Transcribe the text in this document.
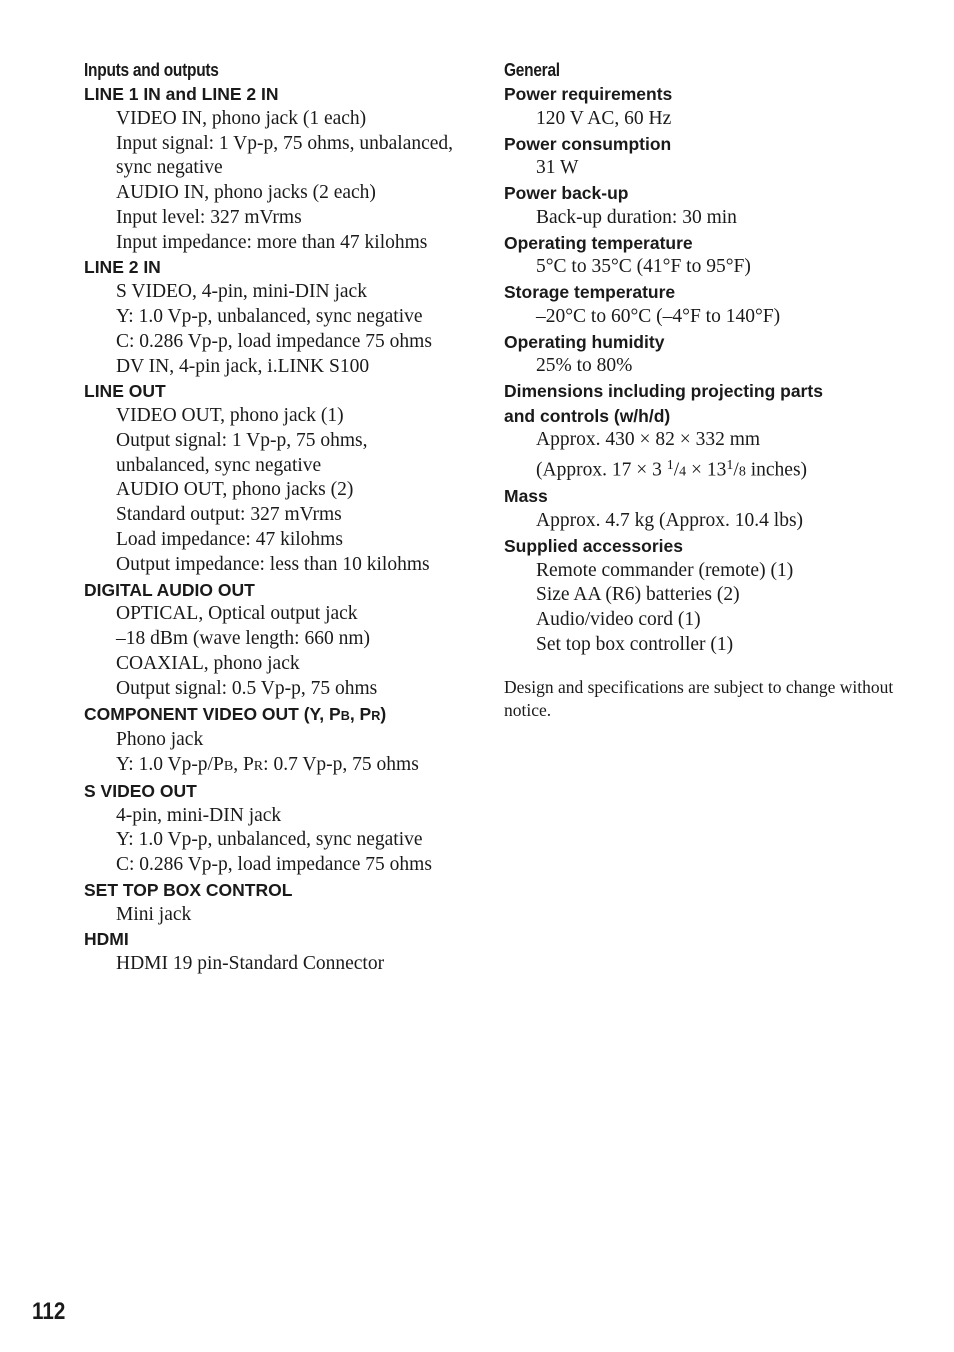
Inputs and outputs

LINE 1 IN and LINE 2 IN

VIDEO IN, phono jack (1 each)

Input signal: 1 Vp-p, 75 ohms, unbalanced,

sync negative

AUDIO IN, phono jacks (2 each)

Input level: 327 mVrms

Input impedance: more than 47 kilohms

LINE 2 IN

S VIDEO, 4-pin, mini-DIN jack

Y: 1.0 Vp-p, unbalanced, sync negative

C: 0.286 Vp-p, load impedance 75 ohms

DV IN, 4-pin jack, i.LINK S100

LINE OUT

VIDEO OUT, phono jack (1)

Output signal: 1 Vp-p, 75 ohms,

unbalanced, sync negative

AUDIO OUT, phono jacks (2)

Standard output: 327 mVrms

Load impedance: 47 kilohms

Output impedance: less than 10 kilohms

DIGITAL AUDIO OUT

OPTICAL, Optical output jack

–18 dBm (wave length: 660 nm)

COAXIAL, phono jack

Output signal: 0.5 Vp-p, 75 ohms

COMPONENT VIDEO OUT (Y, PB, PR)

Phono jack

Y: 1.0 Vp-p/PB, PR: 0.7 Vp-p, 75 ohms

S VIDEO OUT

4-pin, mini-DIN jack

Y: 1.0 Vp-p, unbalanced, sync negative

C: 0.286 Vp-p, load impedance 75 ohms

SET TOP BOX CONTROL

Mini jack

HDMI

HDMI 19 pin-Standard Connector

General

Power requirements

120 V AC, 60 Hz

Power consumption

31 W

Power back-up

Back-up duration: 30 min

Operating temperature

5°C to 35°C (41°F to 95°F)

Storage temperature

–20°C to 60°C (–4°F to 140°F)

Operating humidity

25% to 80%

Dimensions including projecting parts

and controls (w/h/d)

Approx. 430 × 82 × 332 mm

(Approx. 17 × 3 $^1/4 \times 13^1/8$ inches)

Mass

Approx. 4.7 kg (Approx. 10.4 lbs)

Supplied accessories

Remote commander (remote) (1)

Size AA (R6) batteries (2)

Audio/video cord (1)

Set top box controller (1)

Design and specifications are subject to change without notice.

112
